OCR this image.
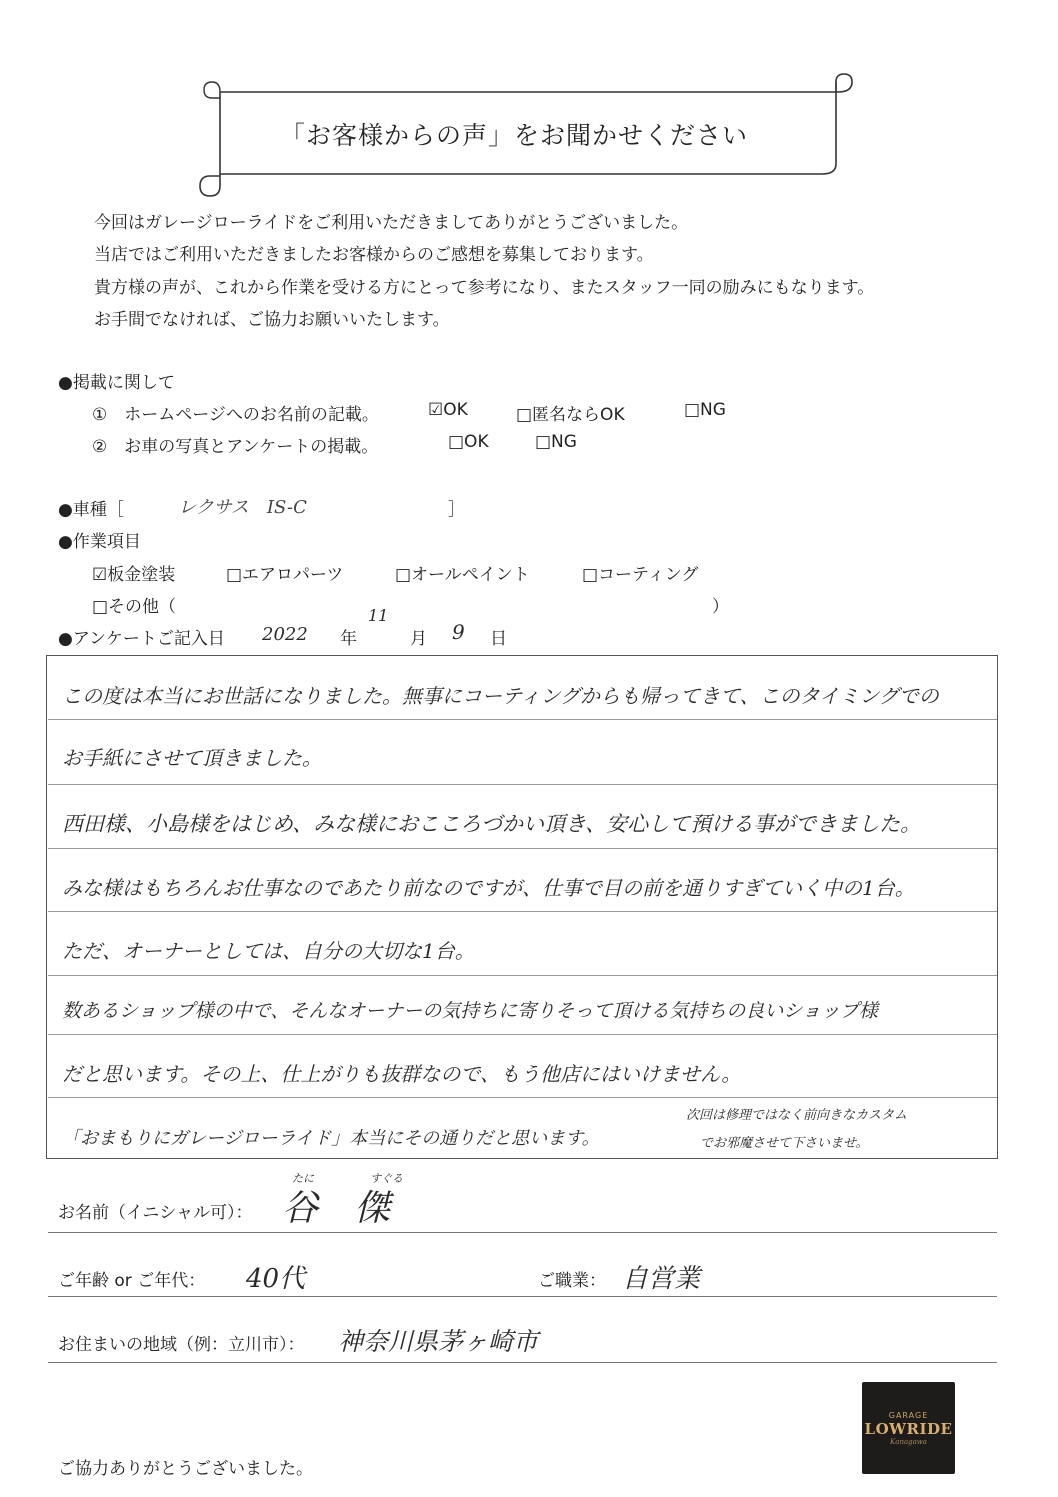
「お客様からの声」をお聞かせください
今回はガレージローライドをご利用いただきましてありがとうございました。
当店ではご利用いただきましたお客様からのご感想を募集しております。
貴方様の声が、これから作業を受ける方にとって参考になり、またスタッフ一同の励みにもなります。
お手間でなければ、ご協力お願いいたします。
●掲載に関して
①　ホームページへのお名前の記載。	☑OK	□匿名ならOK	□NG
②　お車の写真とアンケートの掲載。	□OK	□NG
●車種［	レクサス　IS-C	］
●作業項目
☑板金塗装	□エアロパーツ	□オールペイント	□コーティング
□その他（	）
●アンケートご記入日 2022 年
11
月 9 日
この度は本当にお世話になりました。無事にコーティングからも帰ってきて、このタイミングでの
お手紙にさせて頂きました。
西田様、小島様をはじめ、みな様におこころづかい頂き、安心して預ける事ができました。
みな様はもちろんお仕事なのであたり前なのですが、仕事で目の前を通りすぎていく中の1台。
ただ、オーナーとしては、自分の大切な1台。
数あるショップ様の中で、そんなオーナーの気持ちに寄りそって頂ける気持ちの良いショップ様
だと思います。その上、仕上がりも抜群なので、もう他店にはいけません。
「おまもりにガレージローライド」本当にその通りだと思います。
次回は修理ではなく前向きなカスタム
でお邪魔させて下さいませ。
お名前（イニシャル可）：
たに	すぐる
谷　傑
ご年齢 or ご年代： 40代	ご職業： 自営業
お住まいの地域（例：立川市）： 神奈川県茅ヶ崎市
GARAGE
LOWRIDE
Kanagawa
ご協力ありがとうございました。
